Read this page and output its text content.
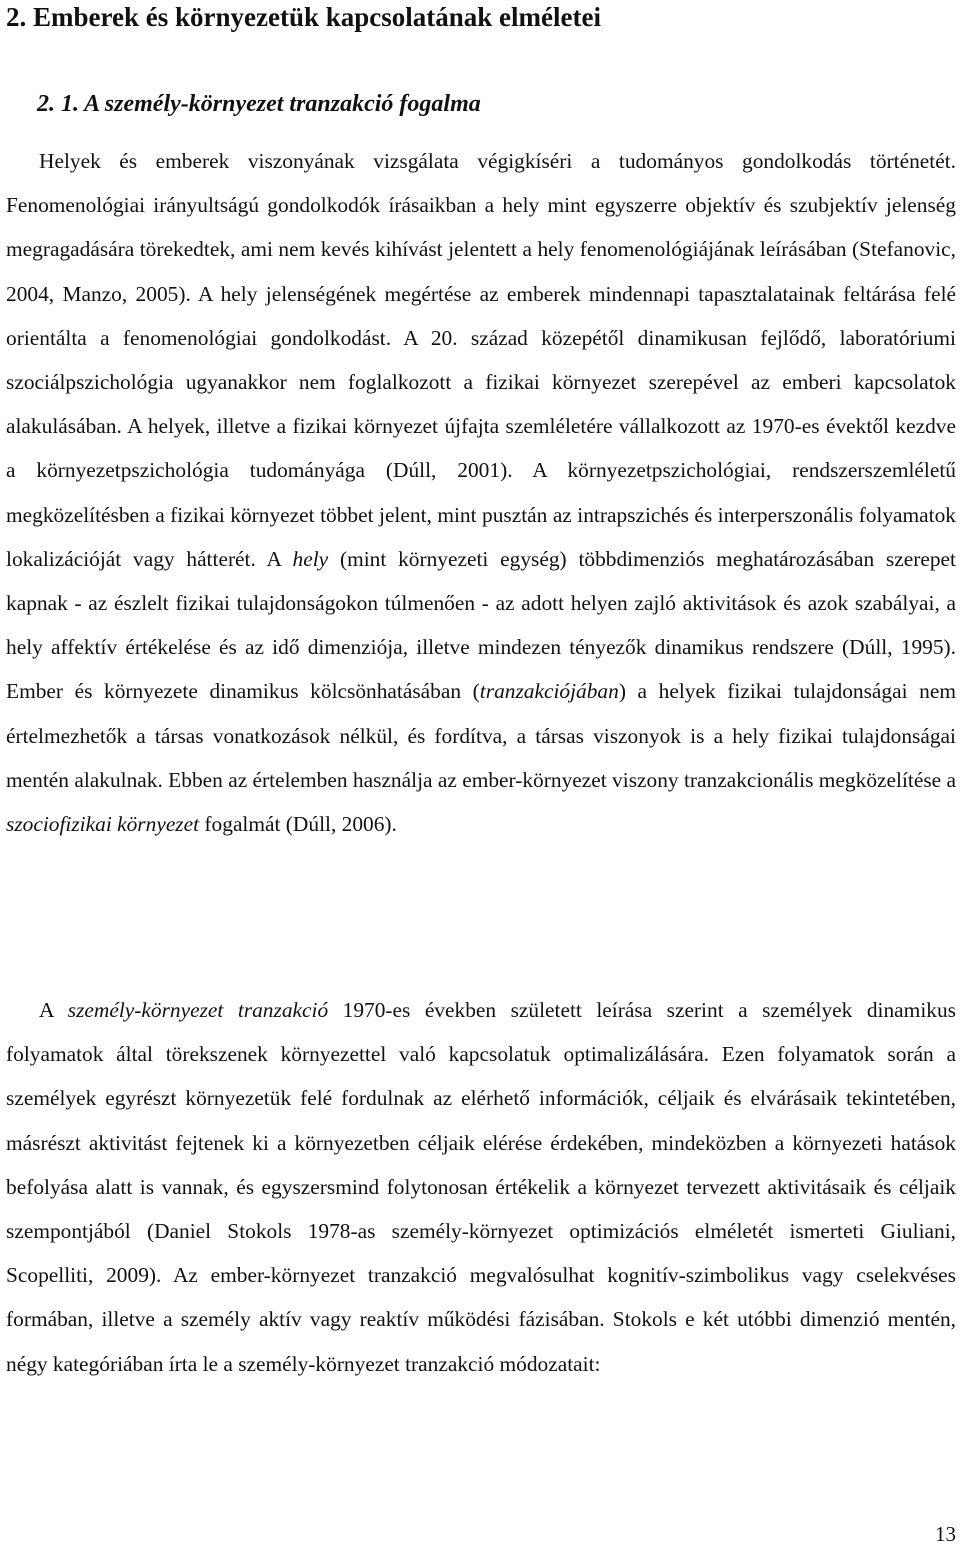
2. Emberek és környezetük kapcsolatának elméletei
2. 1. A személy-környezet tranzakció fogalma

Helyek és emberek viszonyának vizsgálata végigkíséri a tudományos gondolkodás történetét. Fenomenológiai irányultságú gondolkodók írásaikban a hely mint egyszerre objektív és szubjektív jelenség megragadására törekedtek, ami nem kevés kihívást jelentett a hely fenomenológiájának leírásában (Stefanovic, 2004, Manzo, 2005). A hely jelenségének megértése az emberek mindennapi tapasztalatainak feltárása felé orientálta a fenomenológiai gondolkodást. A 20. század közepétől dinamikusan fejlődő, laboratóriumi szociálpszichológia ugyanakkor nem foglalkozott a fizikai környezet szerepével az emberi kapcsolatok alakulásában. A helyek, illetve a fizikai környezet újfajta szemléletére vállalkozott az 1970-es évektől kezdve a környezetpszichológia tudományága (Dúll, 2001). A környezetpszichológiai, rendszerszemléletű megközelítésben a fizikai környezet többet jelent, mint pusztán az intrapszichés és interperszonális folyamatok lokalizációját vagy hátterét. A hely (mint környezeti egység) többdimenziós meghatározásában szerepet kapnak - az észlelt fizikai tulajdonságokon túlmenően - az adott helyen zajló aktivitások és azok szabályai, a hely affektív értékelése és az idő dimenziója, illetve mindezen tényezők dinamikus rendszere (Dúll, 1995). Ember és környezete dinamikus kölcsönhatásában (tranzakciójában) a helyek fizikai tulajdonságai nem értelmezhetők a társas vonatkozások nélkül, és fordítva, a társas viszonyok is a hely fizikai tulajdonságai mentén alakulnak. Ebben az értelemben használja az ember-környezet viszony tranzakcionális megközelítése a szociofizikai környezet fogalmát (Dúll, 2006).

A személy-környezet tranzakció 1970-es években született leírása szerint a személyek dinamikus folyamatok által törekszenek környezettel való kapcsolatuk optimalizálására. Ezen folyamatok során a személyek egyrészt környezetük felé fordulnak az elérhető információk, céljaik és elvárásaik tekintetében, másrészt aktivitást fejtenek ki a környezetben céljaik elérése érdekében, mindeközben a környezeti hatások befolyása alatt is vannak, és egyszersmind folytonosan értékelik a környezet tervezett aktivitásaik és céljaik szempontjából (Daniel Stokols 1978-as személy-környezet optimizációs elméletét ismerteti Giuliani, Scopelliti, 2009). Az ember-környezet tranzakció megvalósulhat kognitív-szimbolikus vagy cselekvéses formában, illetve a személy aktív vagy reaktív működési fázisában. Stokols e két utóbbi dimenzió mentén, négy kategóriában írta le a személy-környezet tranzakció módozatait:

13
